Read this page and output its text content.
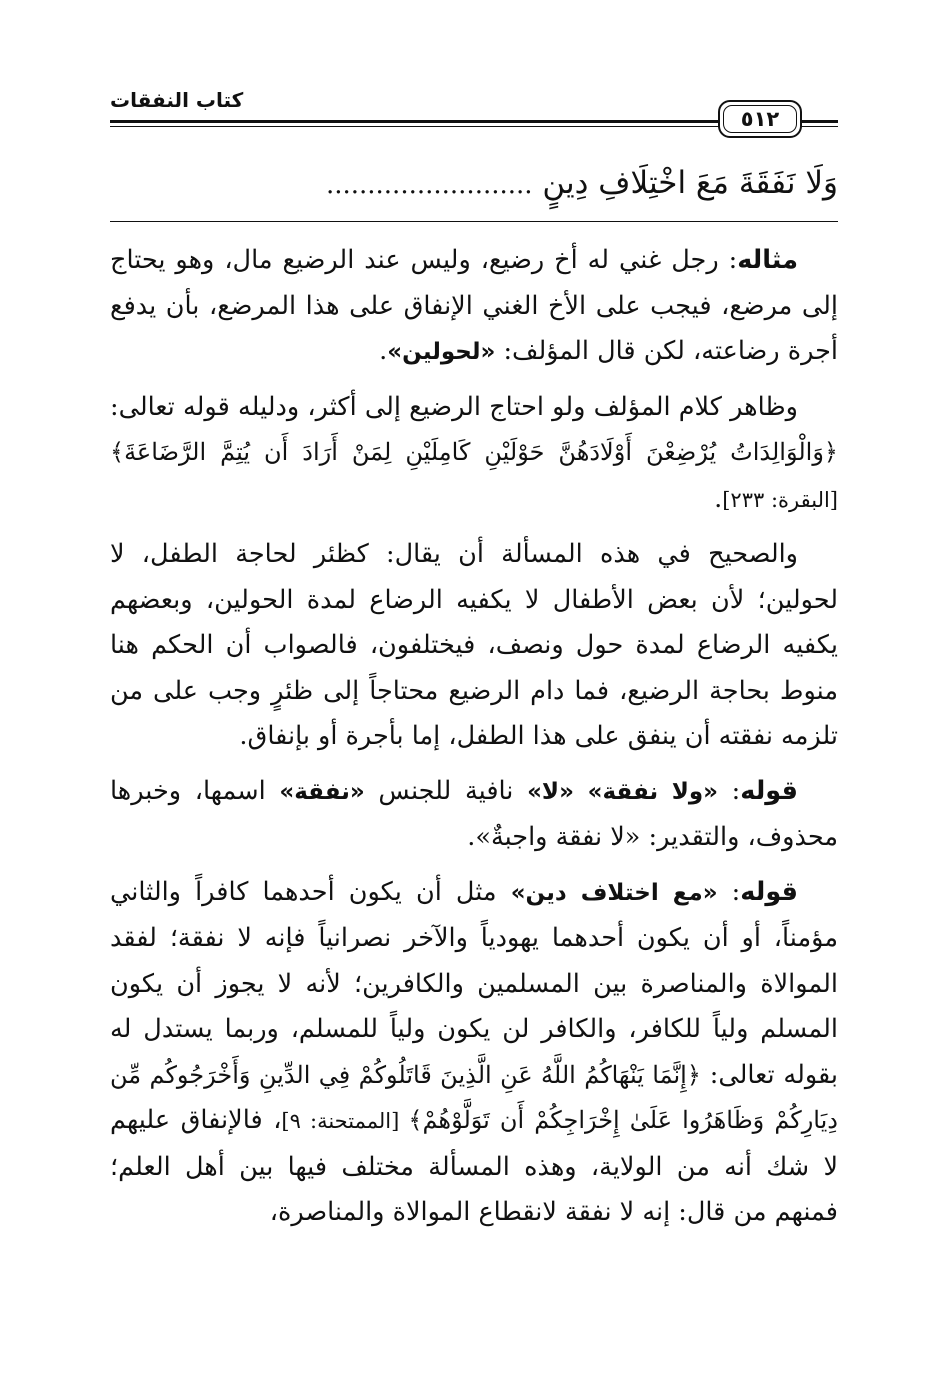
كتاب النفقات
٥١٢
وَلَا نَفَقَةَ مَعَ اخْتِلَافِ دِينٍ .........................

مثاله: رجل غني له أخ رضيع، وليس عند الرضيع مال، وهو يحتاج إلى مرضع، فيجب على الأخ الغني الإنفاق على هذا المرضع، بأن يدفع أجرة رضاعته، لكن قال المؤلف: «لحولين».

وظاهر كلام المؤلف ولو احتاج الرضيع إلى أكثر، ودليله قوله تعالى: ﴿وَالْوَالِدَاتُ يُرْضِعْنَ أَوْلَادَهُنَّ حَوْلَيْنِ كَامِلَيْنِ لِمَنْ أَرَادَ أَن يُتِمَّ الرَّضَاعَةَ﴾ [البقرة: ٢٣٣].

والصحيح في هذه المسألة أن يقال: كظئر لحاجة الطفل، لا لحولين؛ لأن بعض الأطفال لا يكفيه الرضاع لمدة الحولين، وبعضهم يكفيه الرضاع لمدة حول ونصف، فيختلفون، فالصواب أن الحكم هنا منوط بحاجة الرضيع، فما دام الرضيع محتاجاً إلى ظئرٍ وجب على من تلزمه نفقته أن ينفق على هذا الطفل، إما بأجرة أو بإنفاق.

قوله: «ولا نفقة» «لا» نافية للجنس «نفقة» اسمها، وخبرها محذوف، والتقدير: «لا نفقة واجبةٌ».

قوله: «مع اختلاف دين» مثل أن يكون أحدهما كافراً والثاني مؤمناً، أو أن يكون أحدهما يهودياً والآخر نصرانياً فإنه لا نفقة؛ لفقد الموالاة والمناصرة بين المسلمين والكافرين؛ لأنه لا يجوز أن يكون المسلم ولياً للكافر، والكافر لن يكون ولياً للمسلم، وربما يستدل له بقوله تعالى: ﴿إِنَّمَا يَنْهَاكُمُ اللَّهُ عَنِ الَّذِينَ قَاتَلُوكُمْ فِي الدِّينِ وَأَخْرَجُوكُم مِّن دِيَارِكُمْ وَظَاهَرُوا عَلَىٰ إِخْرَاجِكُمْ أَن تَوَلَّوْهُمْ﴾ [الممتحنة: ٩]، فالإنفاق عليهم لا شك أنه من الولاية، وهذه المسألة مختلف فيها بين أهل العلم؛ فمنهم من قال: إنه لا نفقة لانقطاع الموالاة والمناصرة،
